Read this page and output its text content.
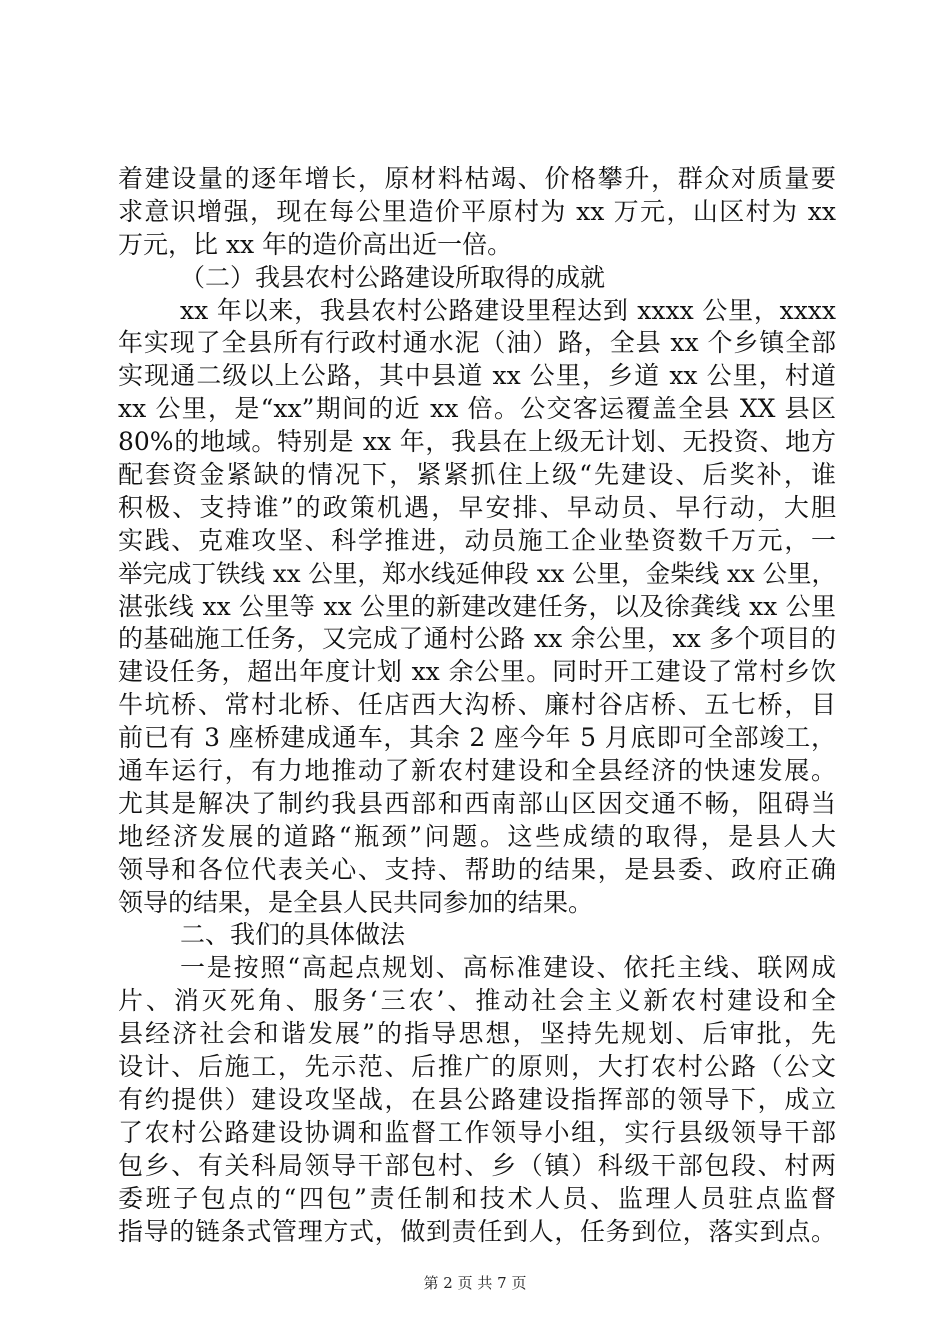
着建设量的逐年增长，原材料枯竭、价格攀升，群众对质量要
求意识增强，现在每公里造价平原村为 xx 万元，山区村为 xx
万元，比 xx 年的造价高出近一倍。
（二）我县农村公路建设所取得的成就
xx 年以来，我县农村公路建设里程达到 xxxx 公里，xxxx
年实现了全县所有行政村通水泥（油）路，全县 xx 个乡镇全部
实现通二级以上公路，其中县道 xx 公里，乡道 xx 公里，村道
xx 公里，是“xx”期间的近 xx 倍。公交客运覆盖全县 XX 县区
80%的地域。特别是 xx 年，我县在上级无计划、无投资、地方
配套资金紧缺的情况下，紧紧抓住上级“先建设、后奖补，谁
积极、支持谁”的政策机遇，早安排、早动员、早行动，大胆
实践、克难攻坚、科学推进，动员施工企业垫资数千万元，一
举完成丁铁线 xx 公里，郑水线延伸段 xx 公里，金柴线 xx 公里，
湛张线 xx 公里等 xx 公里的新建改建任务，以及徐龚线 xx 公里
的基础施工任务，又完成了通村公路 xx 余公里，xx 多个项目的
建设任务，超出年度计划 xx 余公里。同时开工建设了常村乡饮
牛坑桥、常村北桥、任店西大沟桥、廉村谷店桥、五七桥，目
前已有 3 座桥建成通车，其余 2 座今年 5 月底即可全部竣工，
通车运行，有力地推动了新农村建设和全县经济的快速发展。
尤其是解决了制约我县西部和西南部山区因交通不畅，阻碍当
地经济发展的道路“瓶颈”问题。这些成绩的取得，是县人大
领导和各位代表关心、支持、帮助的结果，是县委、政府正确
领导的结果，是全县人民共同参加的结果。
二、我们的具体做法
一是按照“高起点规划、高标准建设、依托主线、联网成
片、消灭死角、服务‘三农’、推动社会主义新农村建设和全
县经济社会和谐发展”的指导思想，坚持先规划、后审批，先
设计、后施工，先示范、后推广的原则，大打农村公路（公文
有约提供）建设攻坚战，在县公路建设指挥部的领导下，成立
了农村公路建设协调和监督工作领导小组，实行县级领导干部
包乡、有关科局领导干部包村、乡（镇）科级干部包段、村两
委班子包点的“四包”责任制和技术人员、监理人员驻点监督
指导的链条式管理方式，做到责任到人，任务到位，落实到点。
第 2 页 共 7 页
